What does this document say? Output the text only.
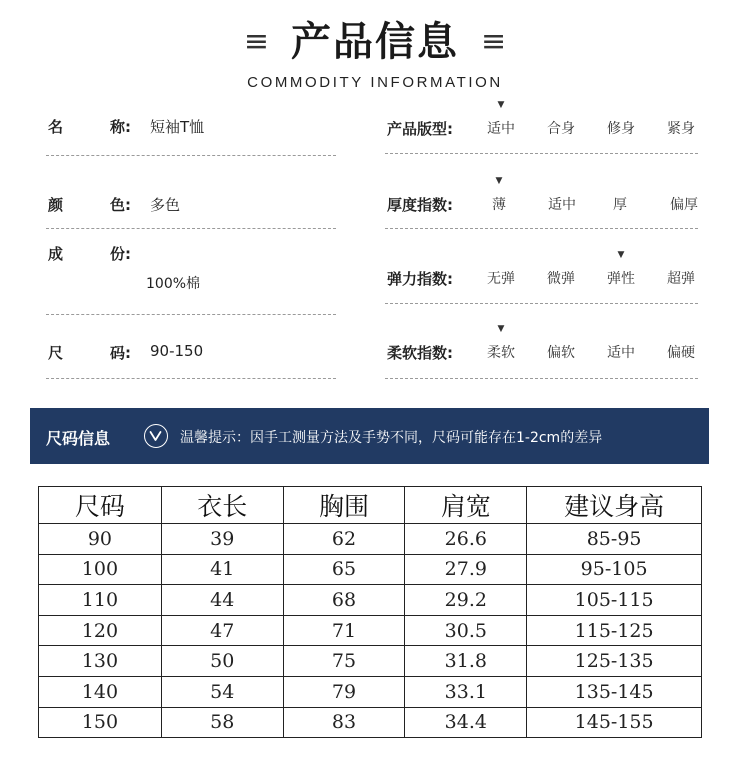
≡ 产品信息 ≡
COMMODITY INFORMATION
名	称: 短袖T恤
颜	色: 多色
成	份:
100%棉
尺	码: 90-150
产品版型:
▼
适中	合身	修身	紧身
厚度指数:
▼
薄	适中	厚	偏厚
弹力指数:
▼
无弹	微弹	弹性	超弹
柔软指数:
▼
柔软	偏软	适中	偏硬
尺码信息	温馨提示：因手工测量方法及手势不同，尺码可能存在1-2cm的差异
尺码	衣长	胸围	肩宽	建议身高
90	39	62	26.6	85-95
100	41	65	27.9	95-105
110	44	68	29.2	105-115
120	47	71	30.5	115-125
130	50	75	31.8	125-135
140	54	79	33.1	135-145
150	58	83	34.4	145-155
